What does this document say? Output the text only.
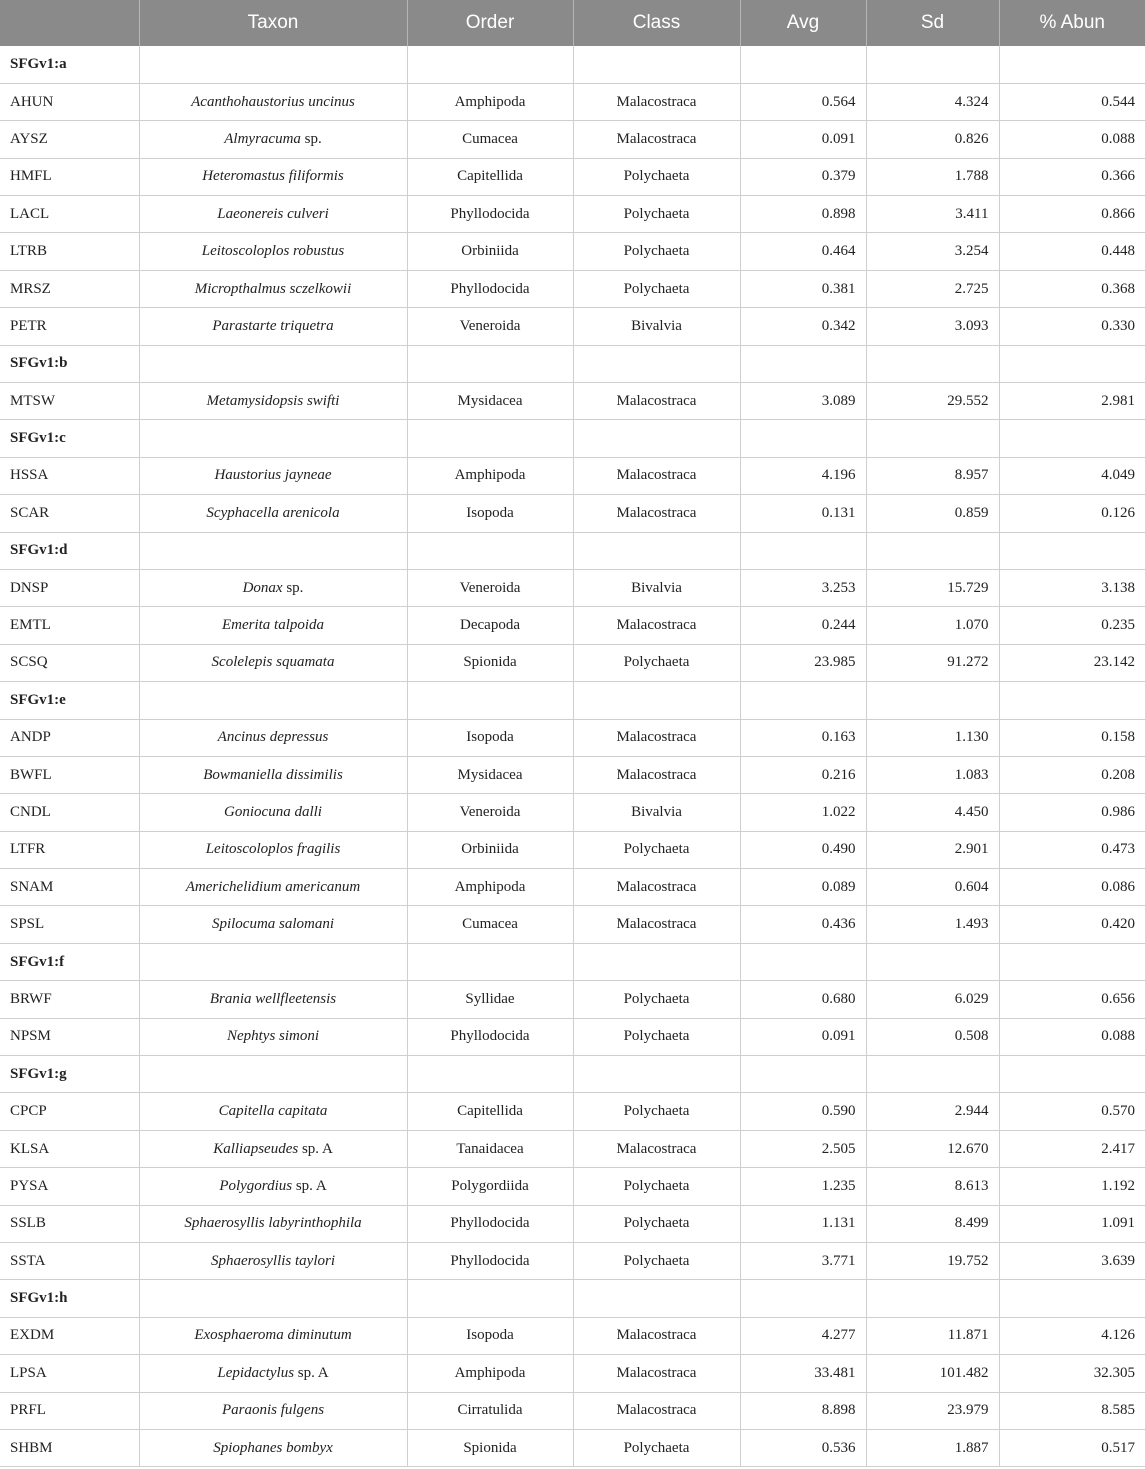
	Taxon	Order	Class	Avg	Sd	% Abun
SFGv1:a						
AHUN	Acanthohaustorius uncinus	Amphipoda	Malacostraca	0.564	4.324	0.544
AYSZ	Almyracuma sp.	Cumacea	Malacostraca	0.091	0.826	0.088
HMFL	Heteromastus filiformis	Capitellida	Polychaeta	0.379	1.788	0.366
LACL	Laeonereis culveri	Phyllodocida	Polychaeta	0.898	3.411	0.866
LTRB	Leitoscoloplos robustus	Orbiniida	Polychaeta	0.464	3.254	0.448
MRSZ	Micropthalmus sczelkowii	Phyllodocida	Polychaeta	0.381	2.725	0.368
PETR	Parastarte triquetra	Veneroida	Bivalvia	0.342	3.093	0.330
SFGv1:b						
MTSW	Metamysidopsis swifti	Mysidacea	Malacostraca	3.089	29.552	2.981
SFGv1:c						
HSSA	Haustorius jayneae	Amphipoda	Malacostraca	4.196	8.957	4.049
SCAR	Scyphacella arenicola	Isopoda	Malacostraca	0.131	0.859	0.126
SFGv1:d						
DNSP	Donax sp.	Veneroida	Bivalvia	3.253	15.729	3.138
EMTL	Emerita talpoida	Decapoda	Malacostraca	0.244	1.070	0.235
SCSQ	Scolelepis squamata	Spionida	Polychaeta	23.985	91.272	23.142
SFGv1:e						
ANDP	Ancinus depressus	Isopoda	Malacostraca	0.163	1.130	0.158
BWFL	Bowmaniella dissimilis	Mysidacea	Malacostraca	0.216	1.083	0.208
CNDL	Goniocuna dalli	Veneroida	Bivalvia	1.022	4.450	0.986
LTFR	Leitoscoloplos fragilis	Orbiniida	Polychaeta	0.490	2.901	0.473
SNAM	Americhelidium americanum	Amphipoda	Malacostraca	0.089	0.604	0.086
SPSL	Spilocuma salomani	Cumacea	Malacostraca	0.436	1.493	0.420
SFGv1:f						
BRWF	Brania wellfleetensis	Syllidae	Polychaeta	0.680	6.029	0.656
NPSM	Nephtys simoni	Phyllodocida	Polychaeta	0.091	0.508	0.088
SFGv1:g						
CPCP	Capitella capitata	Capitellida	Polychaeta	0.590	2.944	0.570
KLSA	Kalliapseudes sp. A	Tanaidacea	Malacostraca	2.505	12.670	2.417
PYSA	Polygordius sp. A	Polygordiida	Polychaeta	1.235	8.613	1.192
SSLB	Sphaerosyllis labyrinthophila	Phyllodocida	Polychaeta	1.131	8.499	1.091
SSTA	Sphaerosyllis taylori	Phyllodocida	Polychaeta	3.771	19.752	3.639
SFGv1:h						
EXDM	Exosphaeroma diminutum	Isopoda	Malacostraca	4.277	11.871	4.126
LPSA	Lepidactylus sp. A	Amphipoda	Malacostraca	33.481	101.482	32.305
PRFL	Paraonis fulgens	Cirratulida	Malacostraca	8.898	23.979	8.585
SHBM	Spiophanes bombyx	Spionida	Polychaeta	0.536	1.887	0.517
